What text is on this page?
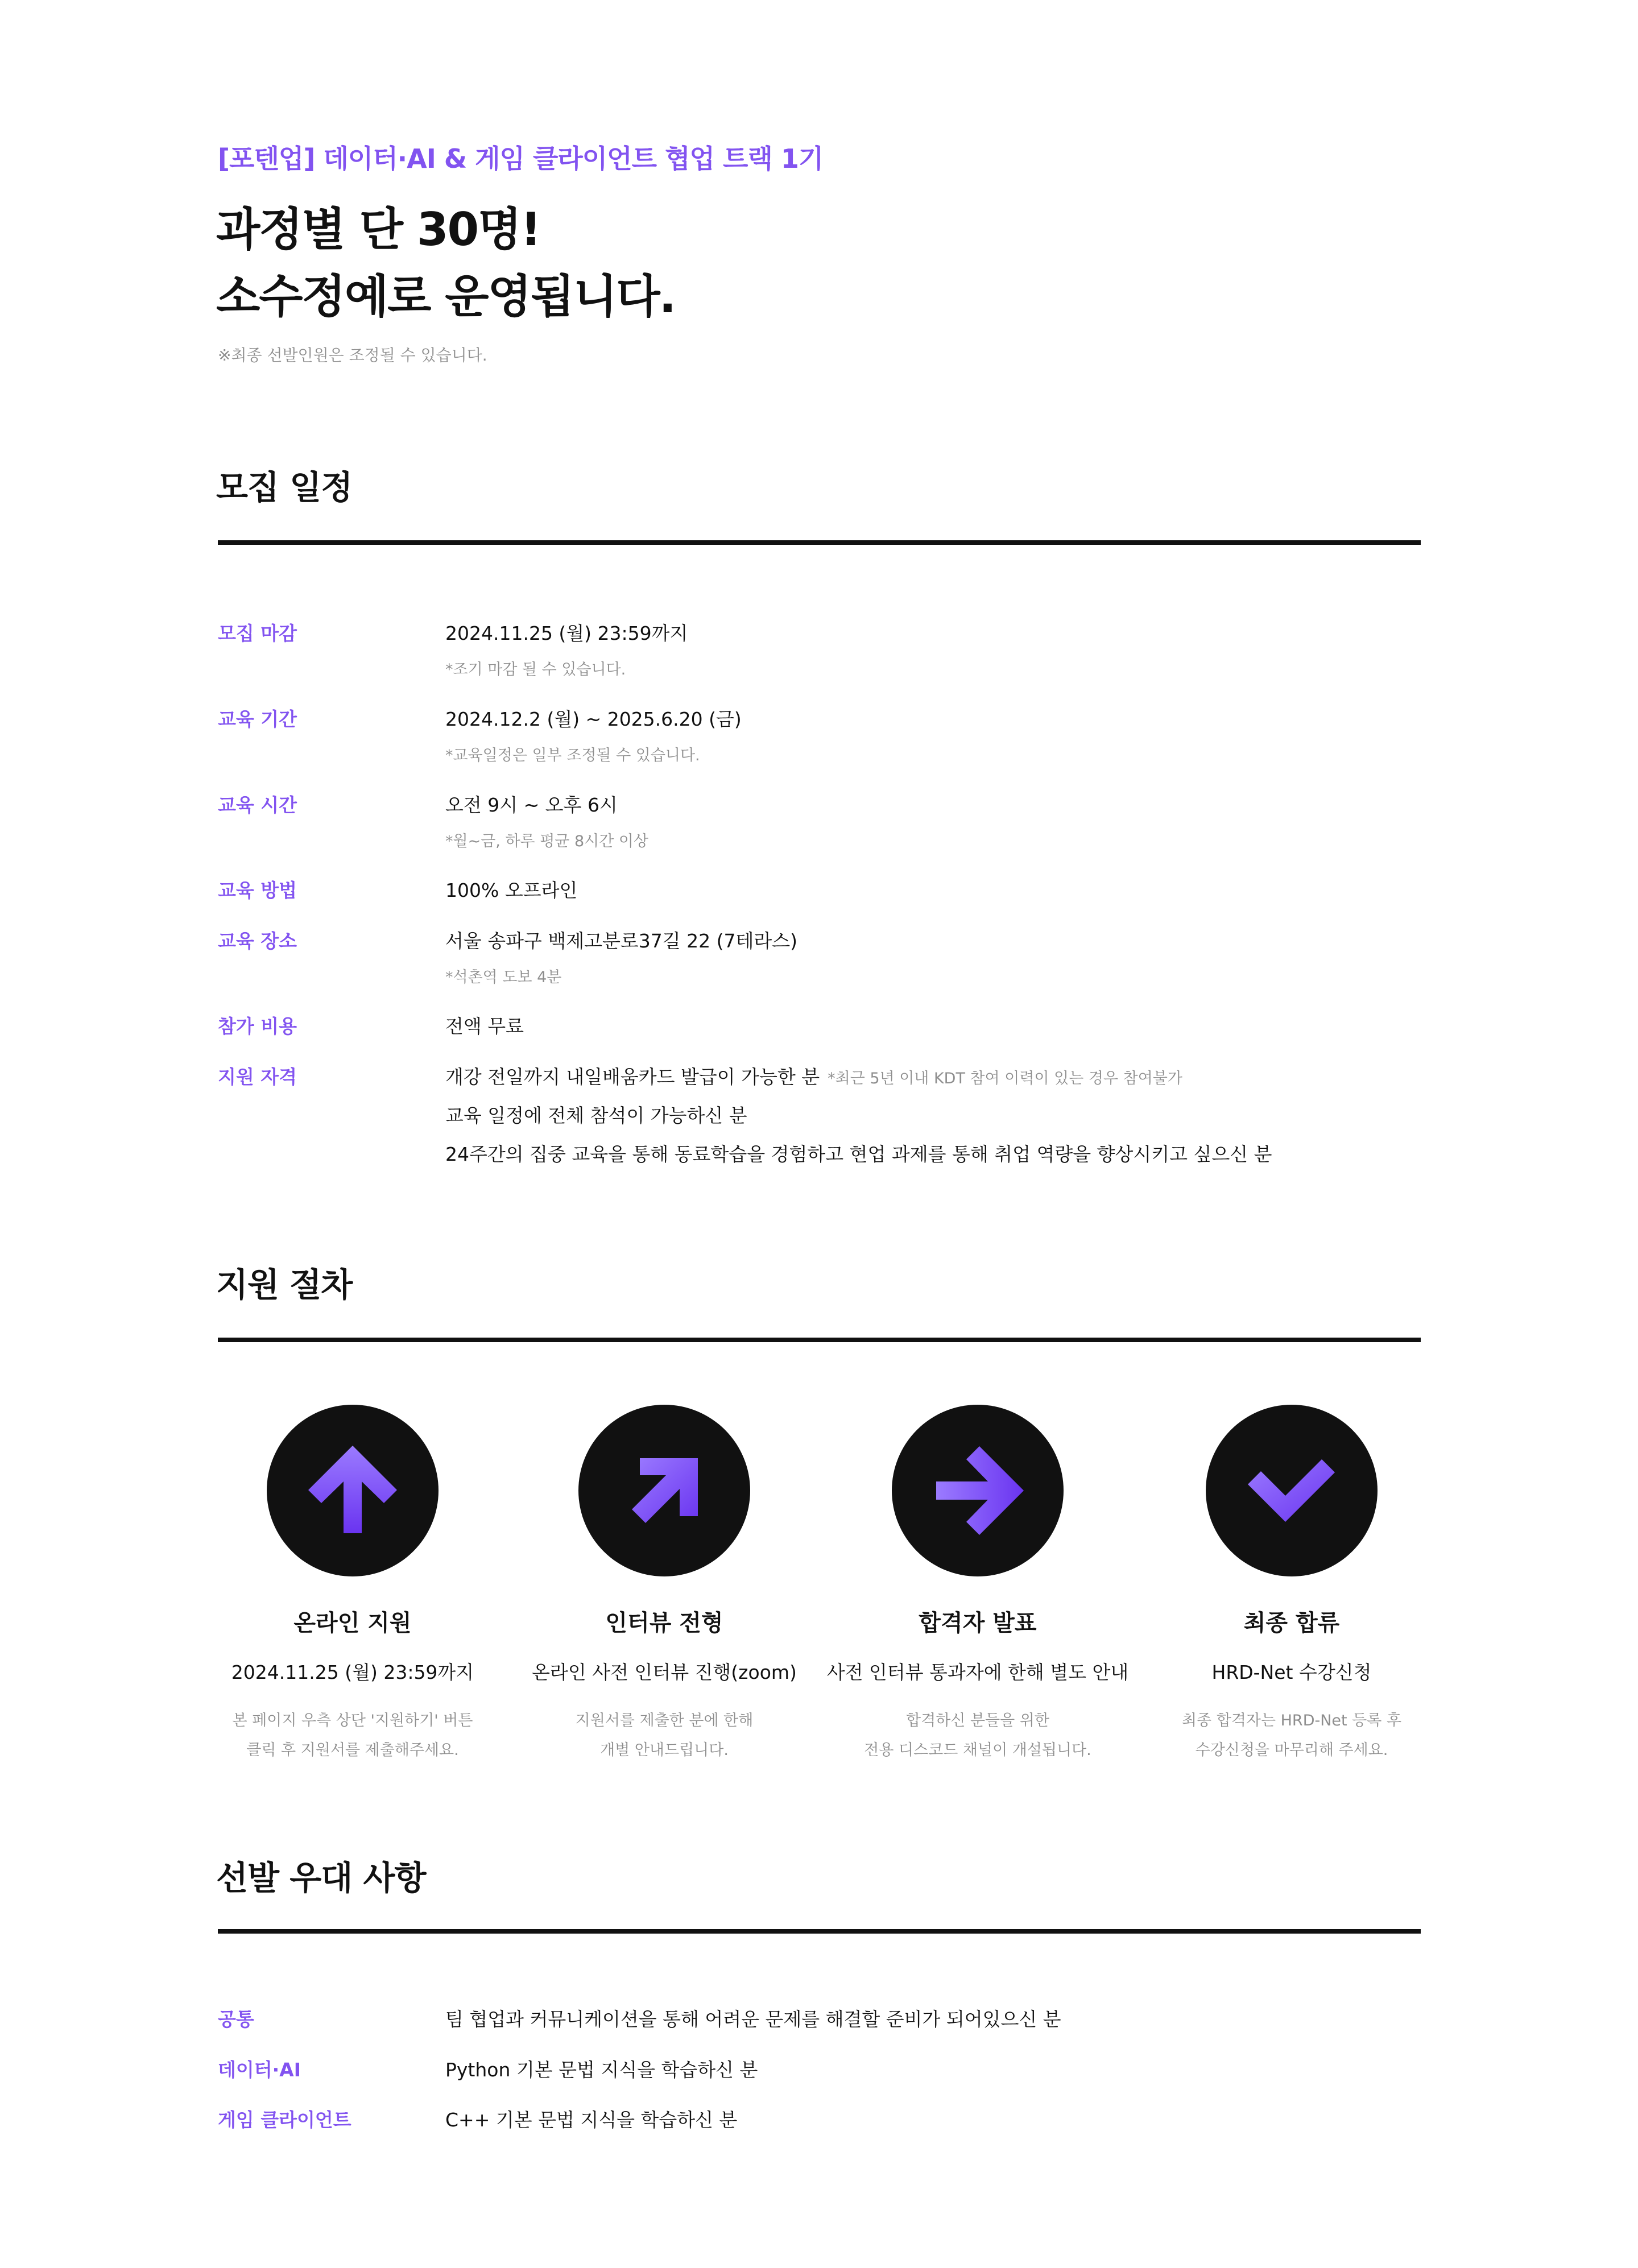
[포텐업] 데이터·AI & 게임 클라이언트 협업 트랙 1기
과정별 단 30명!
소수정예로 운영됩니다.
※최종 선발인원은 조정될 수 있습니다.
모집 일정
모집 마감	2024.11.25 (월) 23:59까지
*조기 마감 될 수 있습니다.
교육 기간	2024.12.2 (월) ~ 2025.6.20 (금)
*교육일정은 일부 조정될 수 있습니다.
교육 시간	오전 9시 ~ 오후 6시
*월~금, 하루 평균 8시간 이상
교육 방법	100% 오프라인
교육 장소	서울 송파구 백제고분로37길 22 (7테라스)
*석촌역 도보 4분
참가 비용	전액 무료
지원 자격	개강 전일까지 내일배움카드 발급이 가능한 분 *최근 5년 이내 KDT 참여 이력이 있는 경우 참여불가
교육 일정에 전체 참석이 가능하신 분
24주간의 집중 교육을 통해 동료학습을 경험하고 현업 과제를 통해 취업 역량을 향상시키고 싶으신 분
지원 절차
온라인 지원
2024.11.25 (월) 23:59까지
본 페이지 우측 상단 '지원하기' 버튼
클릭 후 지원서를 제출해주세요.
인터뷰 전형
온라인 사전 인터뷰 진행(zoom)
지원서를 제출한 분에 한해
개별 안내드립니다.
합격자 발표
사전 인터뷰 통과자에 한해 별도 안내
합격하신 분들을 위한
전용 디스코드 채널이 개설됩니다.
최종 합류
HRD-Net 수강신청
최종 합격자는 HRD-Net 등록 후
수강신청을 마무리해 주세요.
선발 우대 사항
공통	팀 협업과 커뮤니케이션을 통해 어려운 문제를 해결할 준비가 되어있으신 분
데이터·AI	Python 기본 문법 지식을 학습하신 분
게임 클라이언트	C++ 기본 문법 지식을 학습하신 분
